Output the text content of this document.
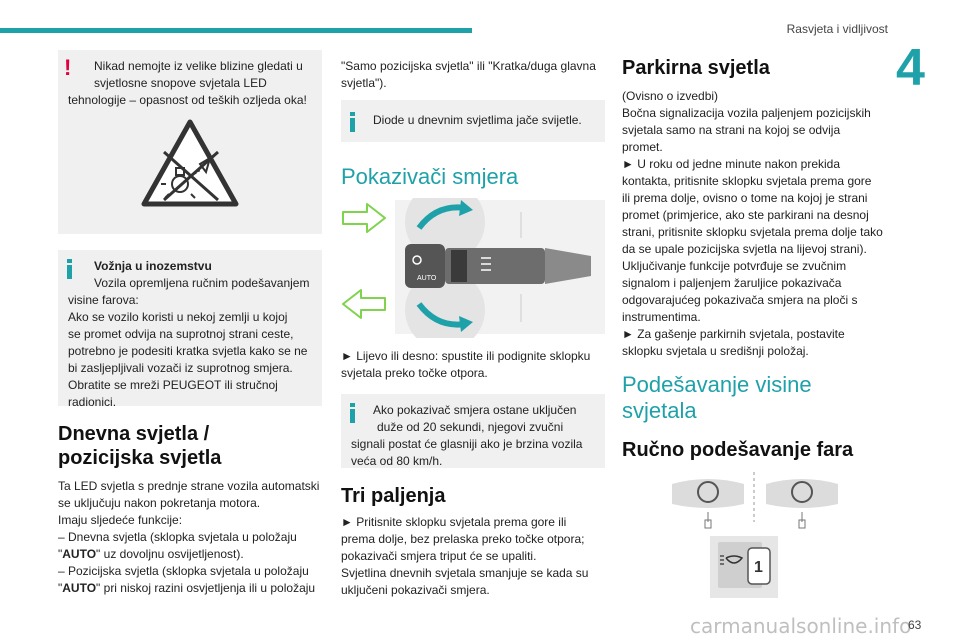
Rasvjeta i vidljivost
4
!	Nikad nemojte iz velike blizine gledati u

svjetlosne snopove svjetala LED

tehnologije – opasnost od teških ozljeda oka!

Vožnja u inozemstvu

Vozila opremljena ručnim podešavanjem

visine farova:

Ako se vozilo koristi u nekoj zemlji u kojoj

se promet odvija na suprotnoj strani ceste,

potrebno je podesiti kratka svjetla kako se ne

bi zasljepljivali vozači iz suprotnog smjera.

Obratite se mreži PEUGEOT ili stručnoj

radionici.

Dnevna svjetla / pozicijska svjetla

Ta LED svjetla s prednje strane vozila automatski

se uključuju nakon pokretanja motora.

Imaju sljedeće funkcije:

– Dnevna svjetla (sklopka svjetala u položaju

"AUTO" uz dovoljnu osvijetljenost).

– Pozicijska svjetla (sklopka svjetala u položaju

"AUTO" pri niskoj razini osvjetljenja ili u položaju

"Samo pozicijska svjetla" ili "Kratka/duga glavna

svjetla").

Diode u dnevnim svjetlima jače svijetle.

Pokazivači smjera
AUTO

► Lijevo ili desno: spustite ili podignite sklopku

svjetala preko točke otpora.

Ako pokazivač smjera ostane uključen

duže od 20 sekundi, njegovi zvučni

signali postat će glasniji ako je brzina vozila

veća od 80 km/h.

Tri paljenja

► Pritisnite sklopku svjetala prema gore ili

prema dolje, bez prelaska preko točke otpora;

pokazivači smjera triput će se upaliti.

Svjetlina dnevnih svjetala smanjuje se kada su

uključeni pokazivači smjera.

Parkirna svjetla

(Ovisno o izvedbi)

Bočna signalizacija vozila paljenjem pozicijskih

svjetala samo na strani na kojoj se odvija

promet.

► U roku od jedne minute nakon prekida

kontakta, pritisnite sklopku svjetala prema gore

ili prema dolje, ovisno o tome na kojoj je strani

promet (primjerice, ako ste parkirani na desnoj

strani, pritisnite sklopku svjetala prema dolje tako

da se upale pozicijska svjetla na lijevoj strani).

Uključivanje funkcije potvrđuje se zvučnim

signalom i paljenjem žaruljice pokazivača

odgovarajućeg pokazivača smjera na ploči s

instrumentima.

► Za gašenje parkirnih svjetala, postavite

sklopku svjetala u središnji položaj.

Podešavanje visine svjetala
Ručno podešavanje fara
1
carmanualsonline.info
63
